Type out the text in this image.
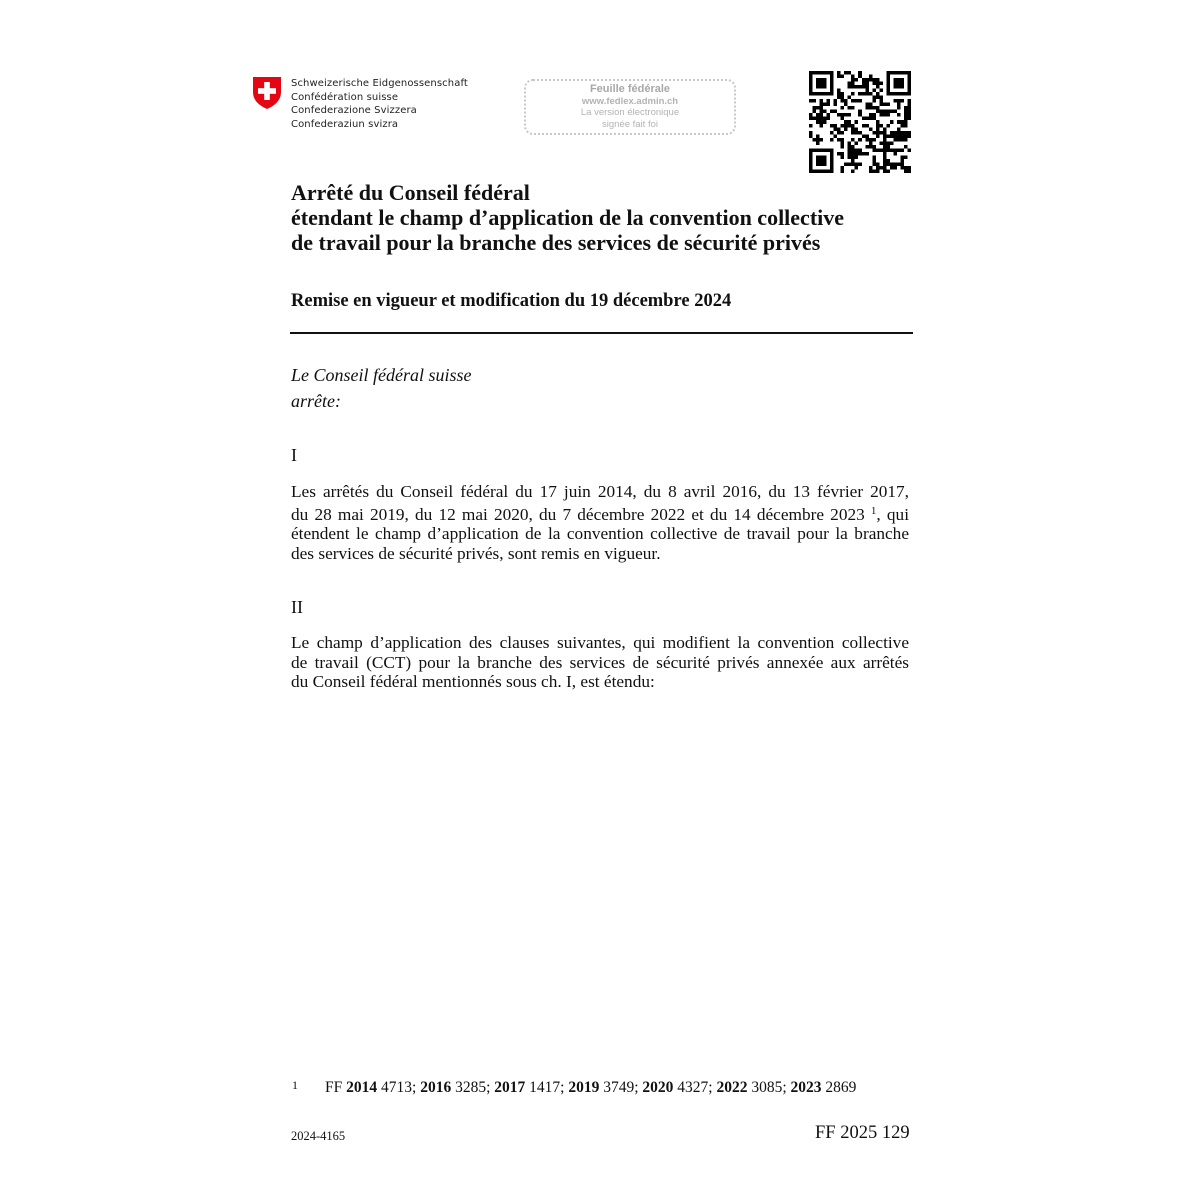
Schweizerische Eidgenossenschaft
Confédération suisse
Confederazione Svizzera
Confederaziun svizra
Feuille fédérale
www.fedlex.admin.ch
La version électronique
signée fait foi
Arrêté du Conseil fédéral
étendant le champ d’application de la convention collective
de travail pour la branche des services de sécurité privés
Remise en vigueur et modification du 19 décembre 2024
Le Conseil fédéral suisse
arrête:
I
Les arrêtés du Conseil fédéral du 17 juin 2014, du 8 avril 2016, du 13 février 2017,
du 28 mai 2019, du 12 mai 2020, du 7 décembre 2022 et du 14 décembre 2023 $^1$, qui
étendent le champ d’application de la convention collective de travail pour la branche
des services de sécurité privés, sont remis en vigueur.
II
Le champ d’application des clauses suivantes, qui modifient la convention collective
de travail (CCT) pour la branche des services de sécurité privés annexée aux arrêtés
du Conseil fédéral mentionnés sous ch. I, est étendu:
1 FF 2014 4713; 2016 3285; 2017 1417; 2019 3749; 2020 4327; 2022 3085; 2023 2869
2024-4165	FF 2025 129
